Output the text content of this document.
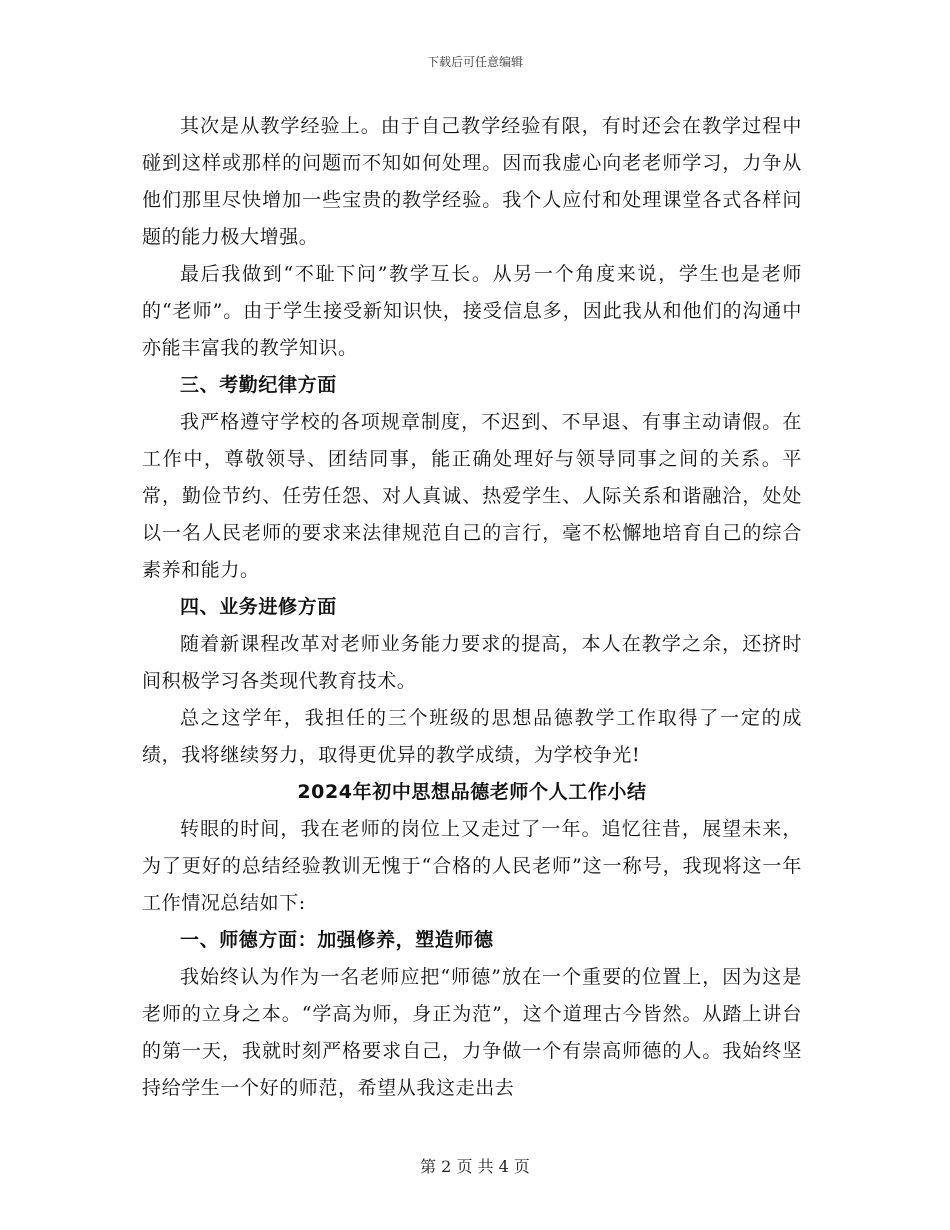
下载后可任意编辑

其次是从教学经验上。由于自己教学经验有限，有时还会在教学过程中碰到这样或那样的问题而不知如何处理。因而我虚心向老老师学习，力争从他们那里尽快增加一些宝贵的教学经验。我个人应付和处理课堂各式各样问题的能力极大增强。

最后我做到“不耻下问”教学互长。从另一个角度来说，学生也是老师的“老师”。由于学生接受新知识快，接受信息多，因此我从和他们的沟通中亦能丰富我的教学知识。

三、考勤纪律方面

我严格遵守学校的各项规章制度，不迟到、不早退、有事主动请假。在工作中，尊敬领导、团结同事，能正确处理好与领导同事之间的关系。平常，勤俭节约、任劳任怨、对人真诚、热爱学生、人际关系和谐融洽，处处以一名人民老师的要求来法律规范自己的言行，毫不松懈地培育自己的综合素养和能力。

四、业务进修方面

随着新课程改革对老师业务能力要求的提高，本人在教学之余，还挤时间积极学习各类现代教育技术。

总之这学年，我担任的三个班级的思想品德教学工作取得了一定的成绩，我将继续努力，取得更优异的教学成绩，为学校争光!

2024年初中思想品德老师个人工作小结

转眼的时间，我在老师的岗位上又走过了一年。追忆往昔，展望未来，为了更好的总结经验教训无愧于“合格的人民老师”这一称号，我现将这一年工作情况总结如下:

一、师德方面：加强修养，塑造师德

我始终认为作为一名老师应把“师德”放在一个重要的位置上，因为这是老师的立身之本。“学高为师，身正为范”，这个道理古今皆然。从踏上讲台的第一天，我就时刻严格要求自己，力争做一个有崇高师德的人。我始终坚持给学生一个好的师范，希望从我这走出去

第 2 页 共 4 页
